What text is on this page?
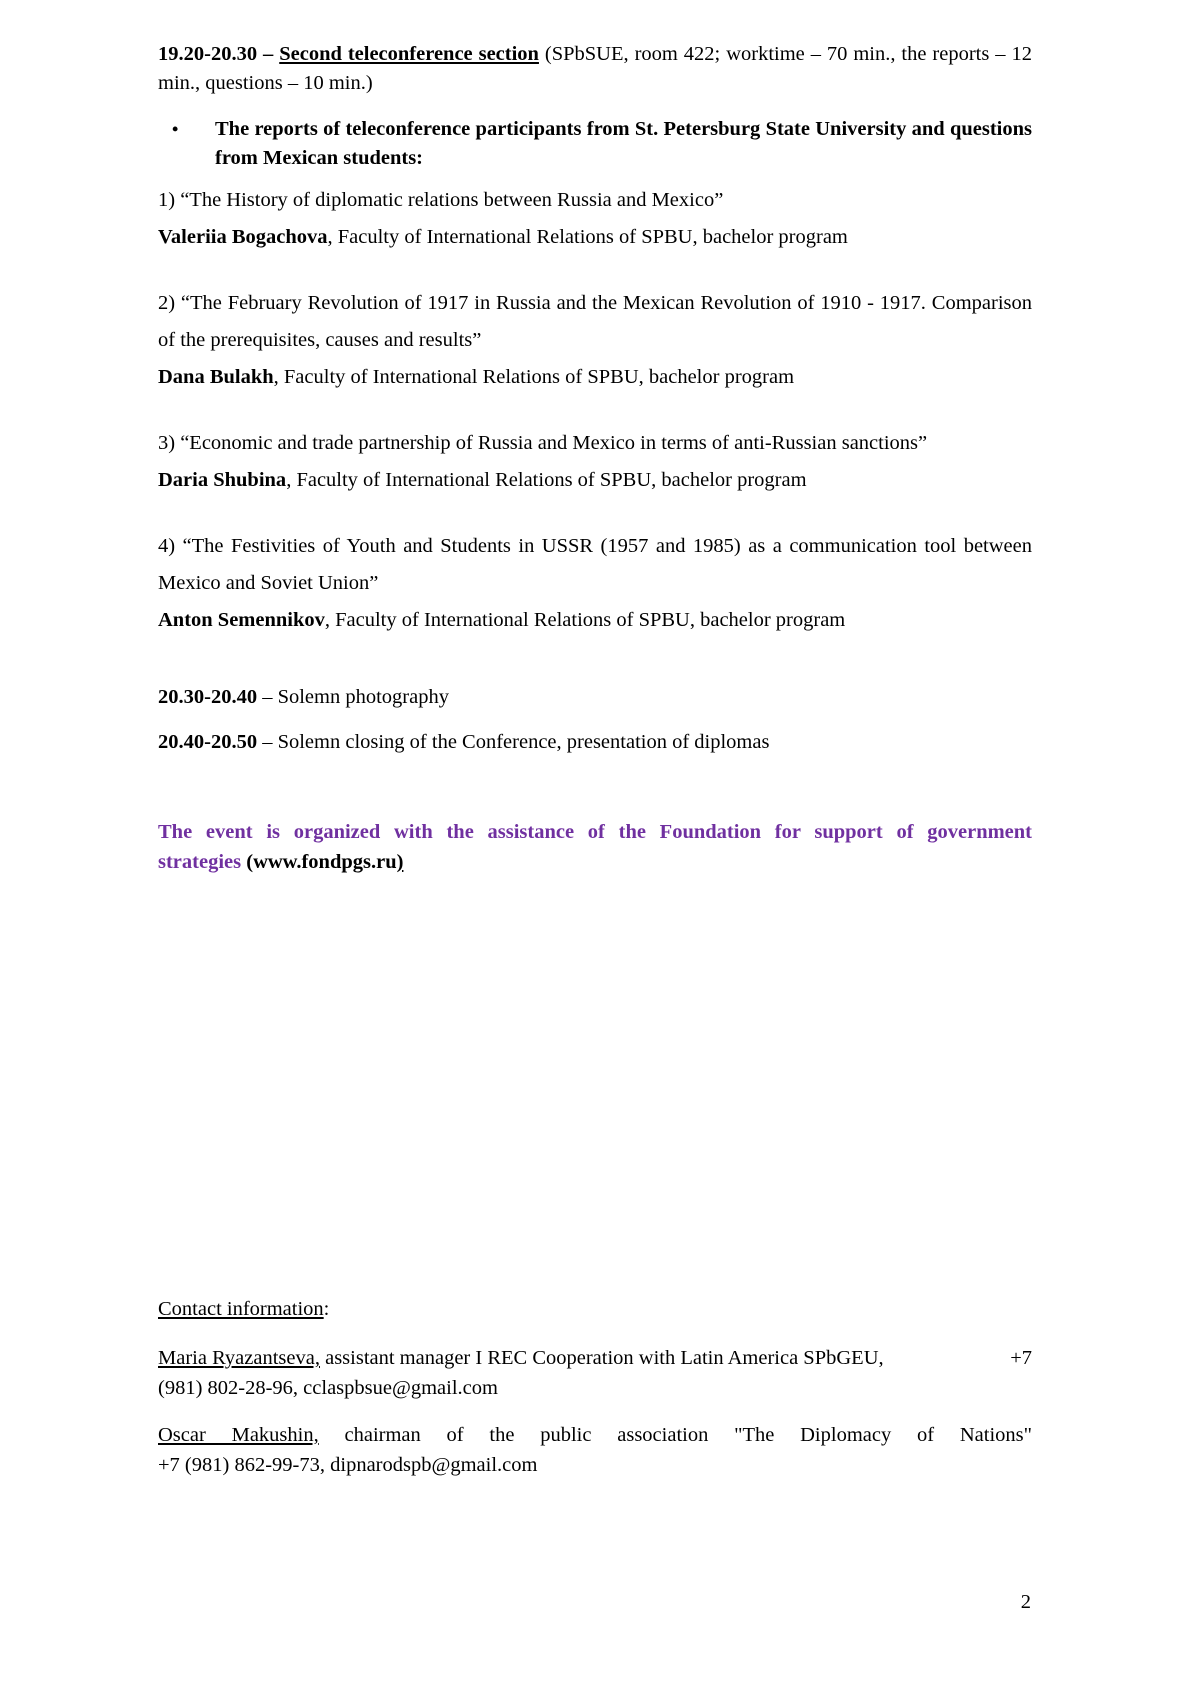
19.20-20.30 – Second teleconference section (SPbSUE, room 422; worktime – 70 min., the reports – 12 min., questions – 10 min.)

•	The reports of teleconference participants from St. Petersburg State University and questions from Mexican students:

1) “The History of diplomatic relations between Russia and Mexico”

Valeriia Bogachova, Faculty of International Relations of SPBU, bachelor program

2) “The February Revolution of 1917 in Russia and the Mexican Revolution of 1910 - 1917. Comparison of the prerequisites, causes and results”

Dana Bulakh, Faculty of International Relations of SPBU, bachelor program

3) “Economic and trade partnership of Russia and Mexico in terms of anti-Russian sanctions”

Daria Shubina, Faculty of International Relations of SPBU, bachelor program

4) “The Festivities of Youth and Students in USSR (1957 and 1985) as a communication tool between Mexico and Soviet Union”

Anton Semennikov, Faculty of International Relations of SPBU, bachelor program

20.30-20.40 – Solemn photography

20.40-20.50 – Solemn closing of the Conference, presentation of diplomas

The event is organized with the assistance of the Foundation for support of government

strategies (www.fondpgs.ru)

Contact information:

Maria Ryazantseva, assistant manager I REC Cooperation with Latin America SPbGEU,	+7

(981) 802-28-96, cclaspbsue@gmail.com

Oscar Makushin, chairman of the public association "The Diplomacy of Nations"

+7 (981) 862-99-73, dipnarodspb@gmail.com

2
